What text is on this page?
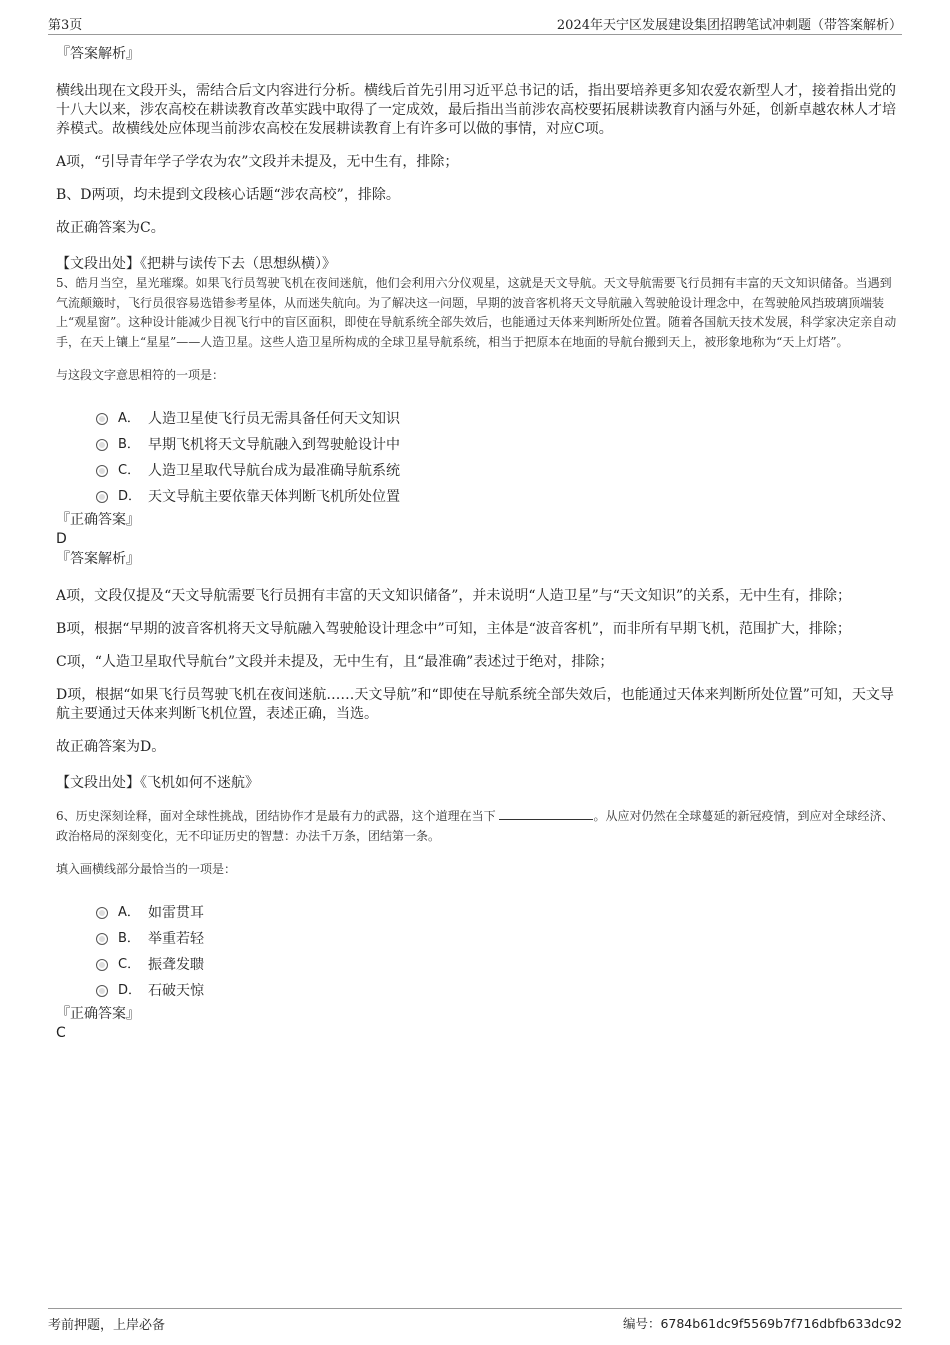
第3页	2024年天宁区发展建设集团招聘笔试冲刺题（带答案解析）

『答案解析』

横线出现在文段开头，需结合后文内容进行分析。横线后首先引用习近平总书记的话，指出要培养更多知农爱农新型人才，接着指出党的十八大以来，涉农高校在耕读教育改革实践中取得了一定成效，最后指出当前涉农高校要拓展耕读教育内涵与外延，创新卓越农林人才培养模式。故横线处应体现当前涉农高校在发展耕读教育上有许多可以做的事情，对应C项。

A项，“引导青年学子学农为农”文段并未提及，无中生有，排除；

B、D两项，均未提到文段核心话题“涉农高校”，排除。

故正确答案为C。

【文段出处】《把耕与读传下去（思想纵横）》

5、皓月当空，星光璀璨。如果飞行员驾驶飞机在夜间迷航，他们会利用六分仪观星，这就是天文导航。天文导航需要飞行员拥有丰富的天文知识储备。当遇到气流颠簸时，飞行员很容易选错参考星体，从而迷失航向。为了解决这一问题，早期的波音客机将天文导航融入驾驶舱设计理念中，在驾驶舱风挡玻璃顶端装上“观星窗”。这种设计能减少目视飞行中的盲区面积，即使在导航系统全部失效后，也能通过天体来判断所处位置。随着各国航天技术发展，科学家决定亲自动手，在天上镶上“星星”——人造卫星。这些人造卫星所构成的全球卫星导航系统，相当于把原本在地面的导航台搬到天上，被形象地称为“天上灯塔”。

与这段文字意思相符的一项是：

A． 人造卫星使飞行员无需具备任何天文知识
B． 早期飞机将天文导航融入到驾驶舱设计中
C． 人造卫星取代导航台成为最准确导航系统
D． 天文导航主要依靠天体判断飞机所处位置

『正确答案』

D

『答案解析』

A项，文段仅提及“天文导航需要飞行员拥有丰富的天文知识储备”，并未说明“人造卫星”与“天文知识”的关系，无中生有，排除；

B项，根据“早期的波音客机将天文导航融入驾驶舱设计理念中”可知，主体是“波音客机”，而非所有早期飞机，范围扩大，排除；

C项，“人造卫星取代导航台”文段并未提及，无中生有，且“最准确”表述过于绝对，排除；

D项，根据“如果飞行员驾驶飞机在夜间迷航……天文导航”和“即使在导航系统全部失效后，也能通过天体来判断所处位置”可知，天文导航主要通过天体来判断飞机位置，表述正确，当选。

故正确答案为D。

【文段出处】《飞机如何不迷航》

6、历史深刻诠释，面对全球性挑战，团结协作才是最有力的武器，这个道理在当下	。从应对仍然在全球蔓延的新冠疫情，到应对全球经济、政治格局的深刻变化，无不印证历史的智慧：办法千万条，团结第一条。

填入画横线部分最恰当的一项是：

A． 如雷贯耳
B． 举重若轻
C． 振聋发聩
D． 石破天惊

『正确答案』

C

考前押题，上岸必备	编号：6784b61dc9f5569b7f716dbfb633dc92
